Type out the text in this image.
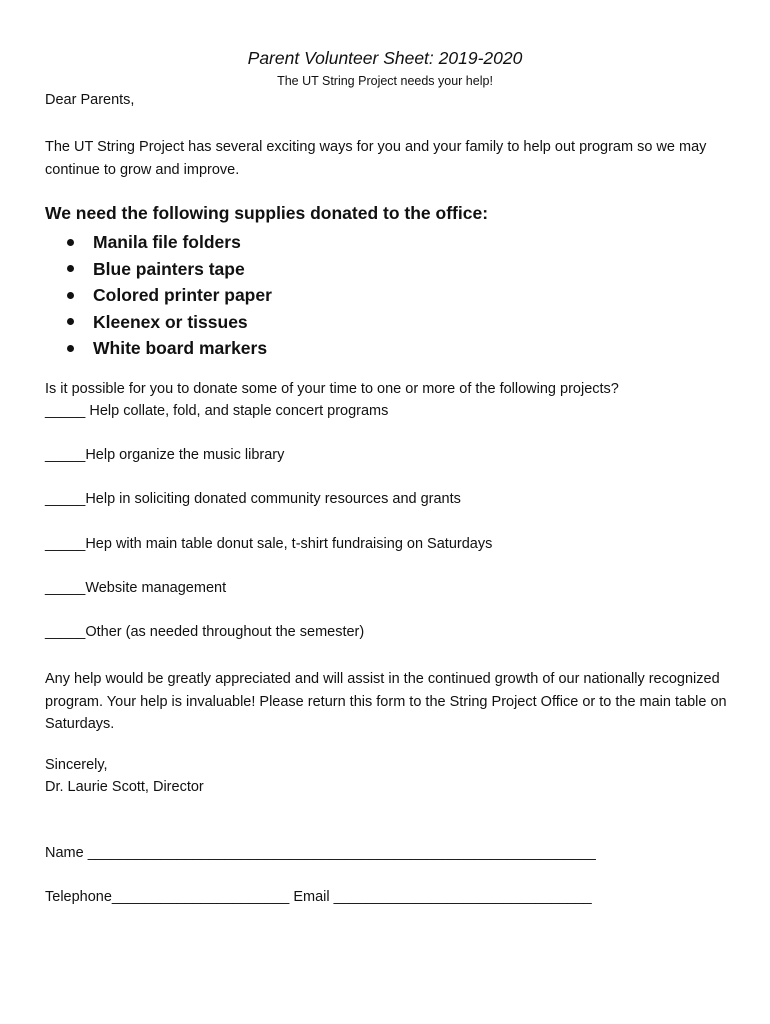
Parent Volunteer Sheet: 2019-2020

The UT String Project needs your help!

Dear Parents,

The UT String Project has several exciting ways for you and your family to help out program so we may continue to grow and improve.

We need the following supplies donated to the office:

Manila file folders
Blue painters tape
Colored printer paper
Kleenex or tissues
White board markers

Is it possible for you to donate some of your time to one or more of the following projects?

_____ Help collate, fold, and staple concert programs

_____Help organize the music library

_____Help in soliciting donated community resources and grants

_____Hep with main table donut sale, t-shirt fundraising on Saturdays

_____Website management

_____Other (as needed throughout the semester)

Any help would be greatly appreciated and will assist in the continued growth of our nationally recognized program. Your help is invaluable! Please return this form to the String Project Office or to the main table on Saturdays.

Sincerely,

Dr. Laurie Scott, Director

Name _______________________________________________________________

Telephone______________________ Email ________________________________
